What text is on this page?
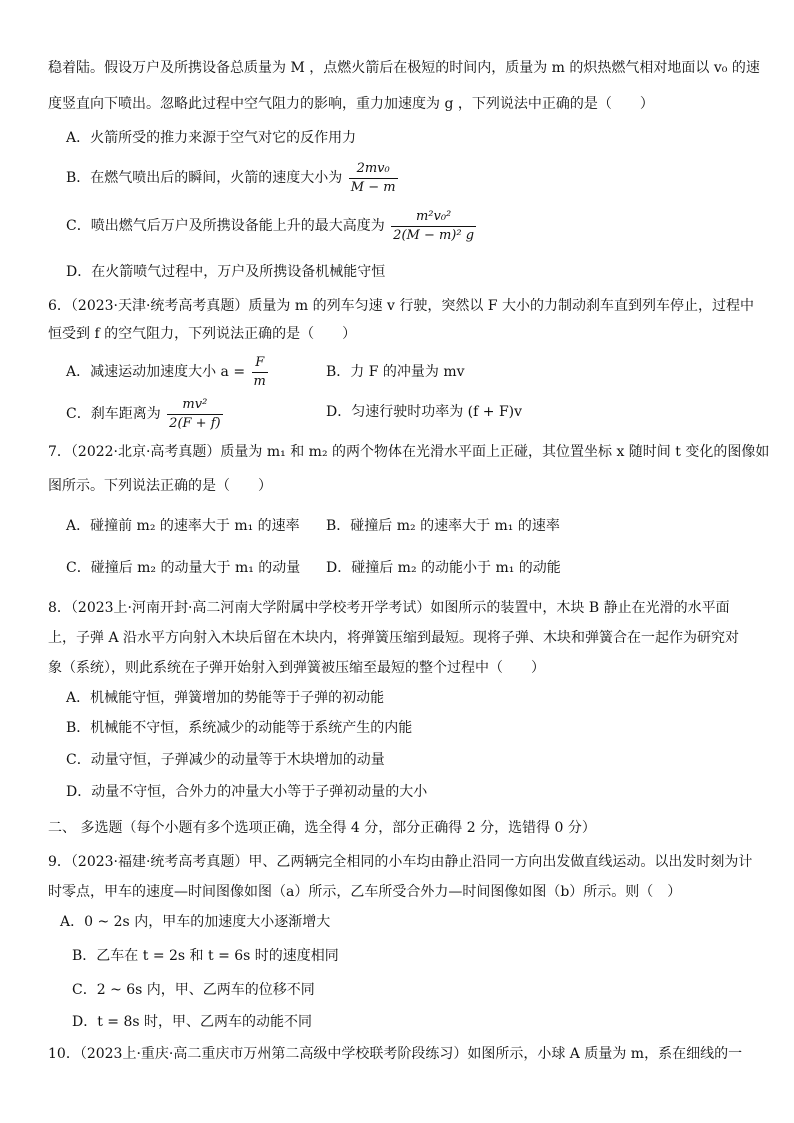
稳着陆。假设万户及所携设备总质量为 M ，点燃火箭后在极短的时间内，质量为 m 的炽热燃气相对地面以 v₀ 的速
度竖直向下喷出。忽略此过程中空气阻力的影响，重力加速度为 g ，下列说法中正确的是（　　）
A．火箭所受的推力来源于空气对它的反作用力
B．在燃气喷出后的瞬间，火箭的速度大小为 $\frac{\text{2mv₀}}{M - m}$
C．喷出燃气后万户及所携设备能上升的最大高度为 $\frac{\text{m²v₀²}}{\text{2(M − m)² g}}$
D．在火箭喷气过程中，万户及所携设备机械能守恒
6．（2023·天津·统考高考真题）质量为 m 的列车匀速 v 行驶，突然以 F 大小的力制动刹车直到列车停止，过程中
恒受到 f 的空气阻力，下列说法正确的是（　　）
A．减速运动加速度大小 $a = \frac{F}{m}$	B．力 F 的冲量为 mv
C．刹车距离为 $\frac{\text{mv²}}{2(F + f)}$	D．匀速行驶时功率为 (f + F)v
7．（2022·北京·高考真题）质量为 m₁ 和 m₂ 的两个物体在光滑水平面上正碰，其位置坐标 x 随时间 t 变化的图像如
图所示。下列说法正确的是（　　）
A．碰撞前 m₂ 的速率大于 m₁ 的速率 B．碰撞后 m₂ 的速率大于 m₁ 的速率
C．碰撞后 m₂ 的动量大于 m₁ 的动量 D．碰撞后 m₂ 的动能小于 m₁ 的动能
8．（2023上·河南开封·高二河南大学附属中学校考开学考试）如图所示的装置中，木块 B 静止在光滑的水平面
上，子弹 A 沿水平方向射入木块后留在木块内，将弹簧压缩到最短。现将子弹、木块和弹簧合在一起作为研究对
象（系统），则此系统在子弹开始射入到弹簧被压缩至最短的整个过程中（　　）
A．机械能守恒，弹簧增加的势能等于子弹的初动能
B．机械能不守恒，系统减少的动能等于系统产生的内能
C．动量守恒，子弹减少的动量等于木块增加的动量
D．动量不守恒，合外力的冲量大小等于子弹初动量的大小
二、 多选题（每个小题有多个选项正确，选全得 4 分，部分正确得 2 分，选错得 0 分）
9．（2023·福建·统考高考真题）甲、乙两辆完全相同的小车均由静止沿同一方向出发做直线运动。以出发时刻为计
时零点，甲车的速度—时间图像如图（a）所示，乙车所受合外力—时间图像如图（b）所示。则（　）
A．0 ~ 2s 内，甲车的加速度大小逐渐增大
B．乙车在 t = 2s 和 t = 6s 时的速度相同
C．2 ~ 6s 内，甲、乙两车的位移不同
D．t = 8s 时，甲、乙两车的动能不同
10．（2023上·重庆·高二重庆市万州第二高级中学校联考阶段练习）如图所示，小球 A 质量为 m，系在细线的一
